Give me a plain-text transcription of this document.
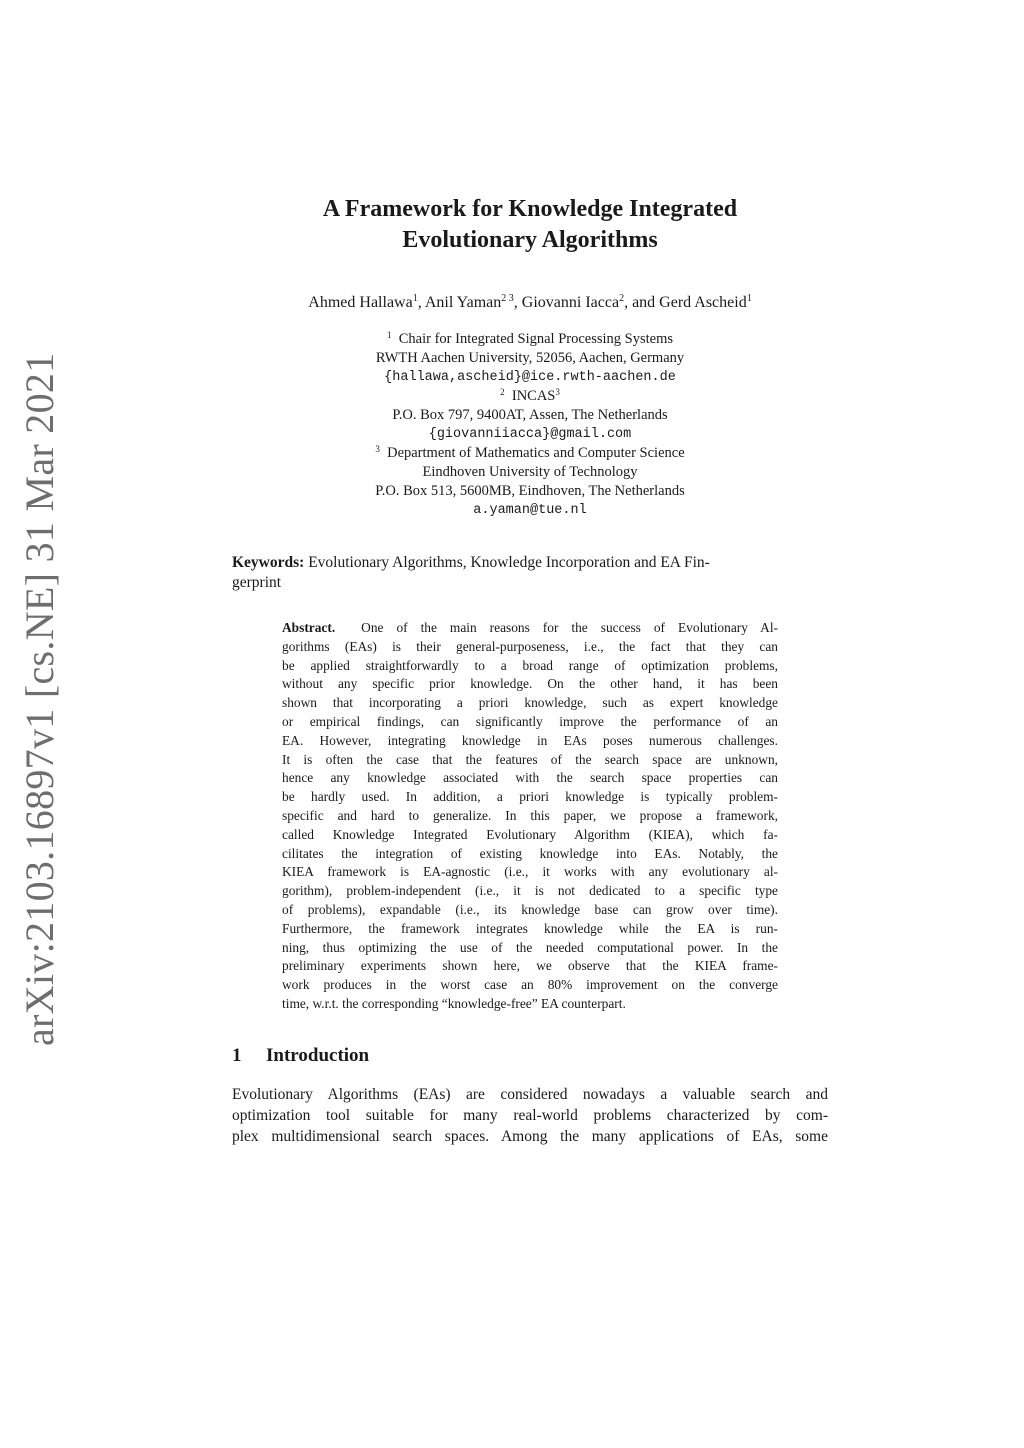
arXiv:2103.16897v1 [cs.NE] 31 Mar 2021
A Framework for Knowledge Integrated
Evolutionary Algorithms
Ahmed Hallawa$^1$, Anil Yaman$^{2 3}$, Giovanni Iacca$^2$, and Gerd Ascheid$^1$
$^1$ Chair for Integrated Signal Processing Systems
RWTH Aachen University, 52056, Aachen, Germany
{hallawa,ascheid}@ice.rwth-aachen.de
$^2$ INCAS$^3$
P.O. Box 797, 9400AT, Assen, The Netherlands
{giovanniiacca}@gmail.com
$^3$ Department of Mathematics and Computer Science
Eindhoven University of Technology
P.O. Box 513, 5600MB, Eindhoven, The Netherlands
a.yaman@tue.nl
Keywords: Evolutionary Algorithms, Knowledge Incorporation and EA Fin-
gerprint
Abstract. One of the main reasons for the success of Evolutionary Al-
gorithms (EAs) is their general-purposeness, i.e., the fact that they can
be applied straightforwardly to a broad range of optimization problems,
without any specific prior knowledge. On the other hand, it has been
shown that incorporating a priori knowledge, such as expert knowledge
or empirical findings, can significantly improve the performance of an
EA. However, integrating knowledge in EAs poses numerous challenges.
It is often the case that the features of the search space are unknown,
hence any knowledge associated with the search space properties can
be hardly used. In addition, a priori knowledge is typically problem-
specific and hard to generalize. In this paper, we propose a framework,
called Knowledge Integrated Evolutionary Algorithm (KIEA), which fa-
cilitates the integration of existing knowledge into EAs. Notably, the
KIEA framework is EA-agnostic (i.e., it works with any evolutionary al-
gorithm), problem-independent (i.e., it is not dedicated to a specific type
of problems), expandable (i.e., its knowledge base can grow over time).
Furthermore, the framework integrates knowledge while the EA is run-
ning, thus optimizing the use of the needed computational power. In the
preliminary experiments shown here, we observe that the KIEA frame-
work produces in the worst case an 80% improvement on the converge
time, w.r.t. the corresponding “knowledge-free” EA counterpart.
1 Introduction
Evolutionary Algorithms (EAs) are considered nowadays a valuable search and
optimization tool suitable for many real-world problems characterized by com-
plex multidimensional search spaces. Among the many applications of EAs, some
